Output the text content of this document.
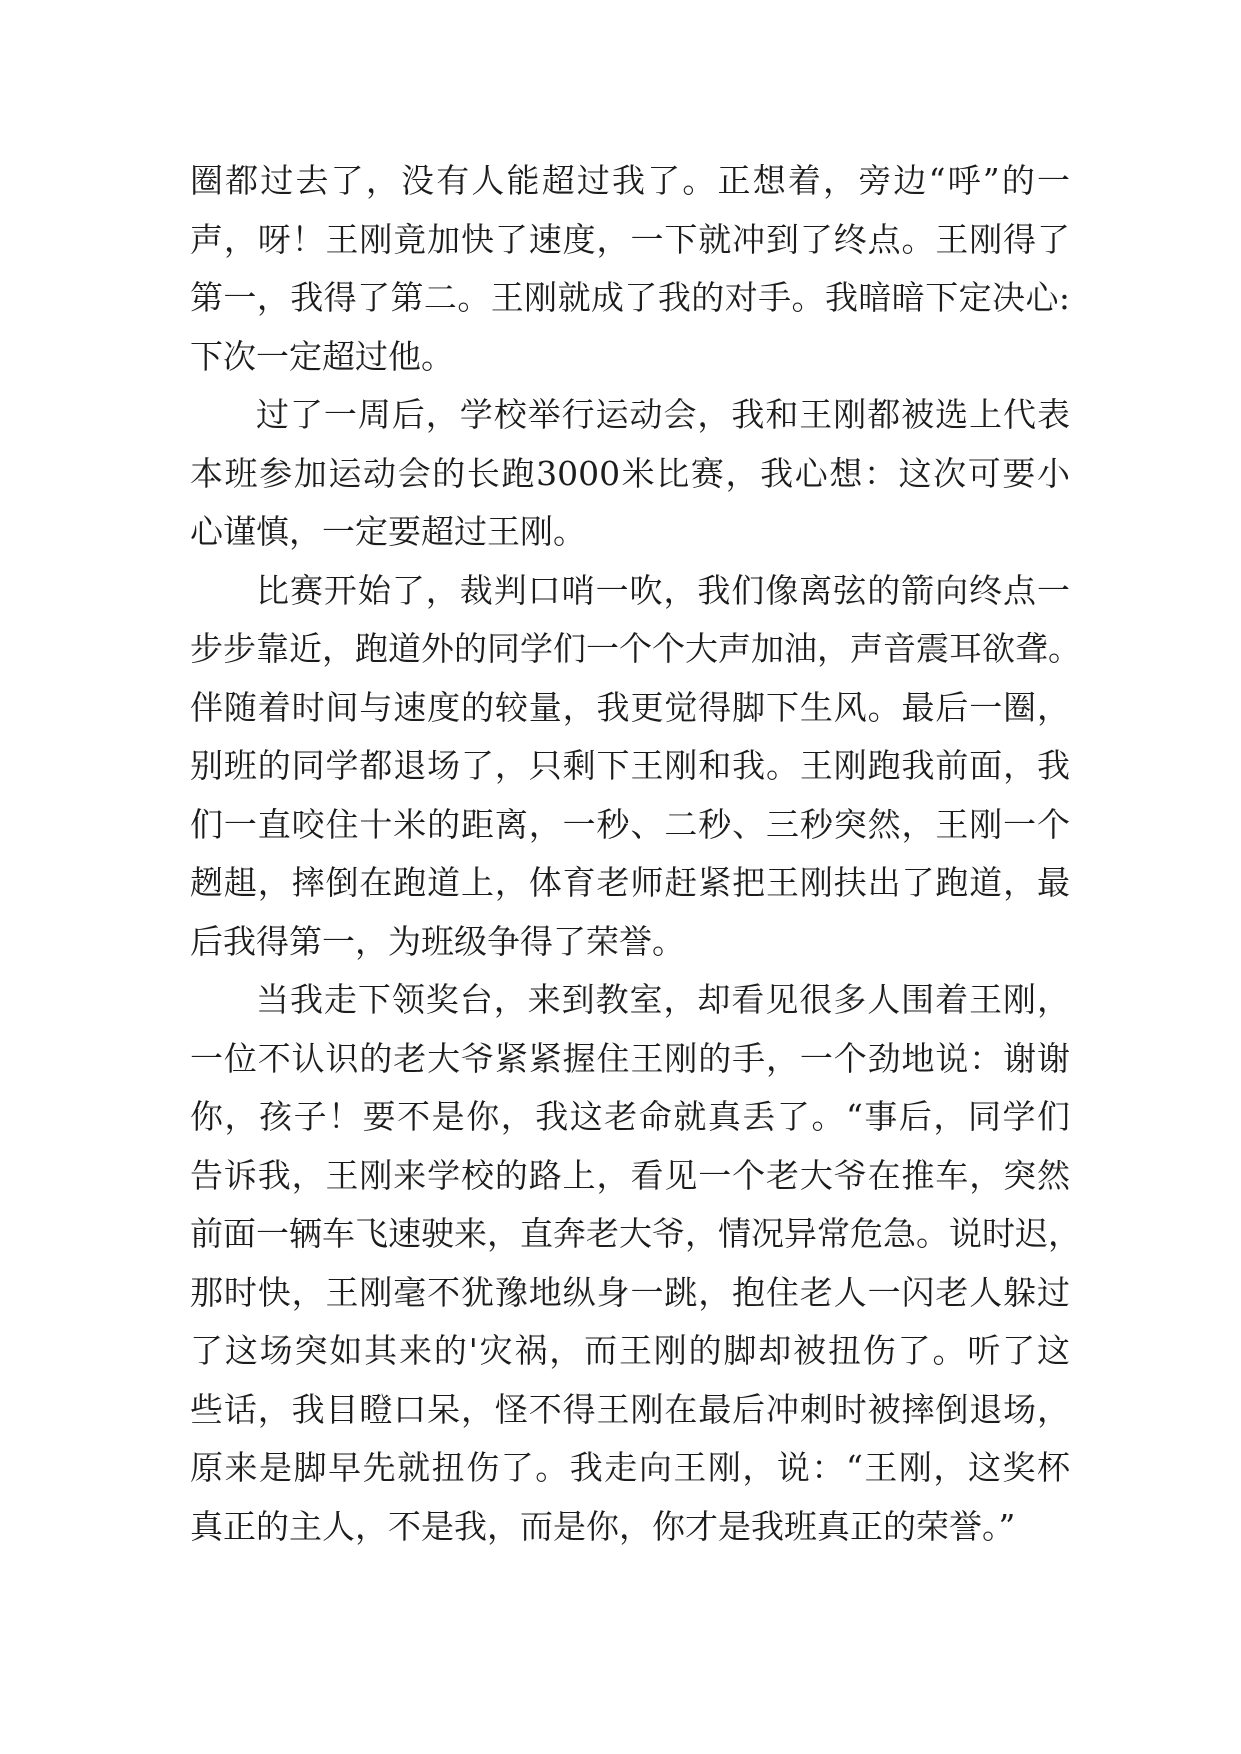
圈都过去了，没有人能超过我了。正想着，旁边“呼”的一
声，呀！王刚竟加快了速度，一下就冲到了终点。王刚得了
第一，我得了第二。王刚就成了我的对手。我暗暗下定决心:
下次一定超过他。
过了一周后，学校举行运动会，我和王刚都被选上代表
本班参加运动会的长跑3000米比赛，我心想：这次可要小
心谨慎，一定要超过王刚。
比赛开始了，裁判口哨一吹，我们像离弦的箭向终点一
步步靠近，跑道外的同学们一个个大声加油，声音震耳欲聋。
伴随着时间与速度的较量，我更觉得脚下生风。最后一圈，
别班的同学都退场了，只剩下王刚和我。王刚跑我前面，我
们一直咬住十米的距离，一秒、二秒、三秒突然，王刚一个
趔趄，摔倒在跑道上，体育老师赶紧把王刚扶出了跑道，最
后我得第一，为班级争得了荣誉。
当我走下领奖台，来到教室，却看见很多人围着王刚，
一位不认识的老大爷紧紧握住王刚的手，一个劲地说：谢谢
你，孩子！要不是你，我这老命就真丢了。“事后，同学们
告诉我，王刚来学校的路上，看见一个老大爷在推车，突然
前面一辆车飞速驶来，直奔老大爷，情况异常危急。说时迟，
那时快，王刚毫不犹豫地纵身一跳，抱住老人一闪老人躲过
了这场突如其来的'灾祸，而王刚的脚却被扭伤了。听了这
些话，我目瞪口呆，怪不得王刚在最后冲刺时被摔倒退场，
原来是脚早先就扭伤了。我走向王刚，说：“王刚，这奖杯
真正的主人，不是我，而是你，你才是我班真正的荣誉。”
